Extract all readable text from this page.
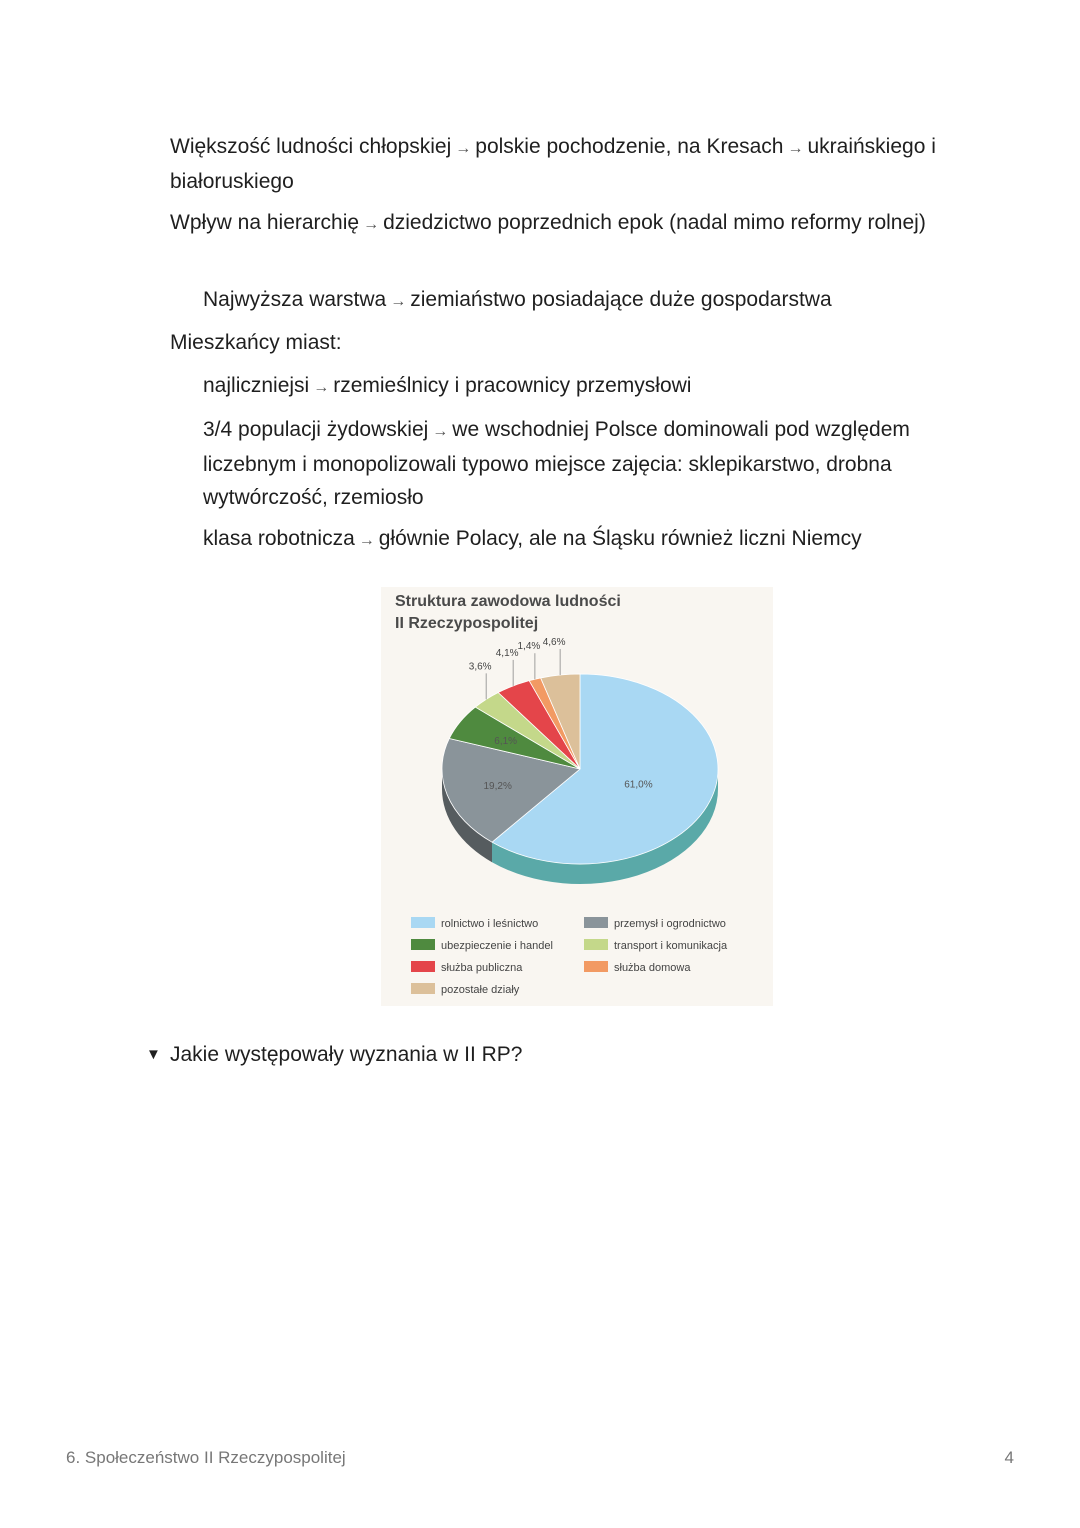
Większość ludności chłopskiej → polskie pochodzenie, na Kresach → ukraińskiego i białoruskiego

Wpływ na hierarchię → dziedzictwo poprzednich epok (nadal mimo reformy rolnej)

Najwyższa warstwa → ziemiaństwo posiadające duże gospodarstwa

Mieszkańcy miast:

najliczniejsi → rzemieślnicy i pracownicy przemysłowi

3/4 populacji żydowskiej → we wschodniej Polsce dominowali pod względem liczebnym i monopolizowali typowo miejsce zajęcia: sklepikarstwo, drobna wytwórczość, rzemiosło

klasa robotnicza → głównie Polacy, ale na Śląsku również liczni Niemcy

Struktura zawodowa ludności
II Rzeczypospolitej
61,0%
19,2%
6,1%
3,6%
4,1%
1,4% 4,6%
rolnictwo i leśnictwo	przemysł i ogrodnictwo
ubezpieczenie i handel	transport i komunikacja
służba publiczna	służba domowa
pozostałe działy
▼ Jakie występowały wyznania w II RP?
6. Społeczeństwo II Rzeczypospolitej	4
